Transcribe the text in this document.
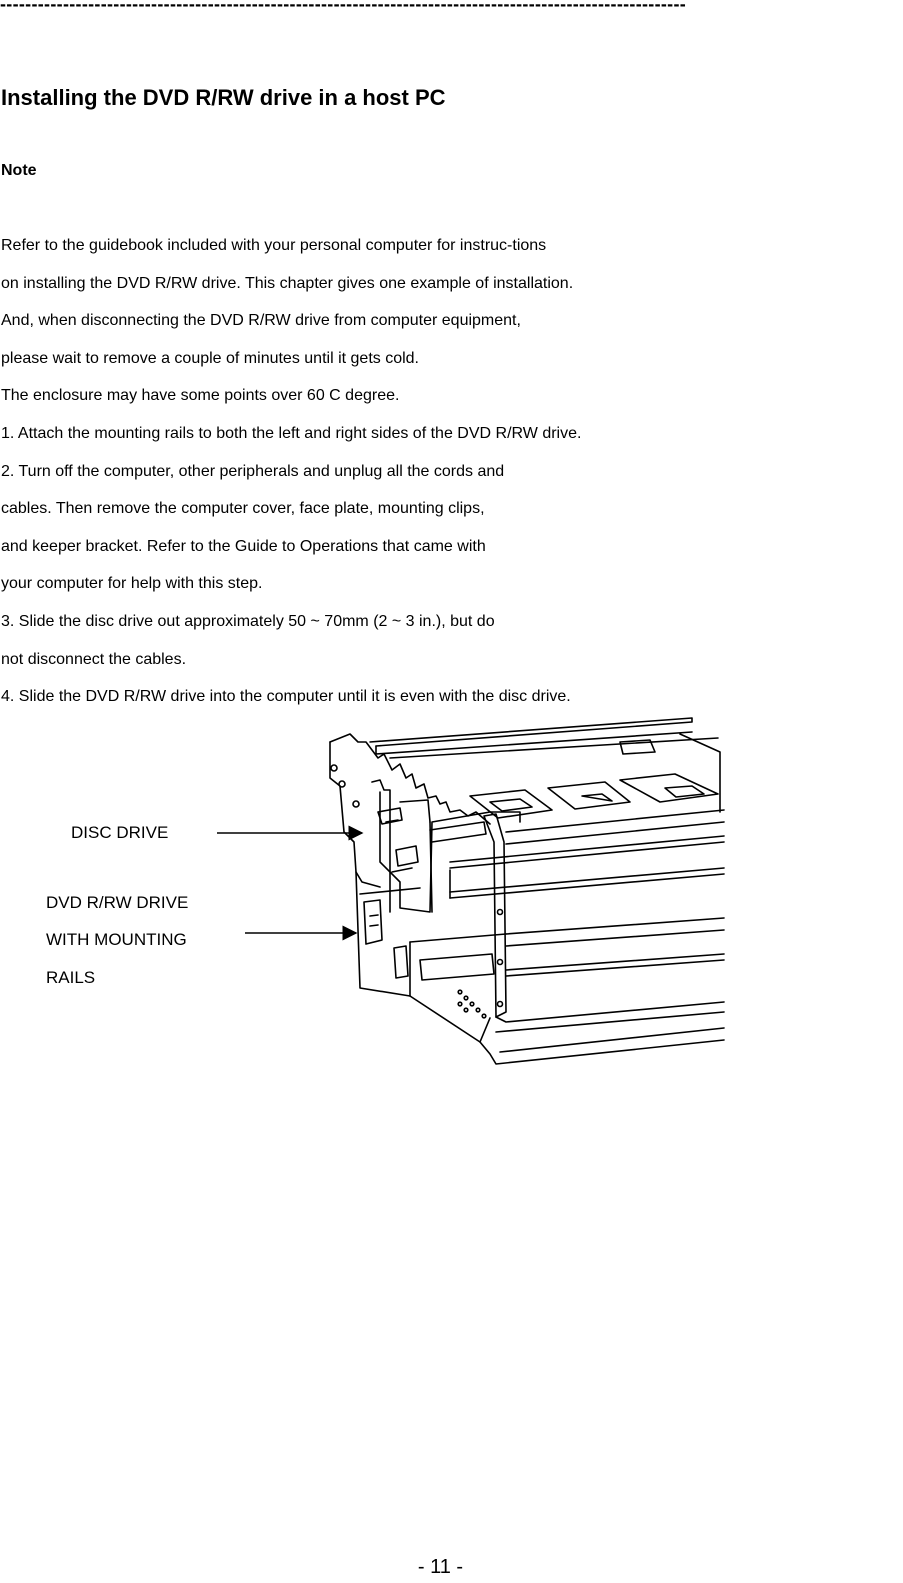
-------------------------------------------------------------------------------------------------------------
Installing the DVD R/RW drive in a host PC
Note
Refer to the guidebook included with your personal computer for instruc-tions
on installing the DVD R/RW drive. This chapter gives one example of installation.
And, when disconnecting the DVD R/RW drive from computer equipment,
please wait to remove a couple of minutes until it gets cold.
The enclosure may have some points over 60 C degree.
1. Attach the mounting rails to both the left and right sides of the DVD R/RW drive.
2. Turn off the computer, other peripherals and unplug all the cords and
cables. Then remove the computer cover, face plate, mounting clips,
and keeper bracket. Refer to the Guide to Operations that came with
your computer for help with this step.
3. Slide the disc drive out approximately 50 ~ 70mm (2 ~ 3 in.), but do
not disconnect the cables.
4. Slide the DVD R/RW drive into the computer until it is even with the disc drive.
DISC DRIVE
DVD R/RW DRIVE
WITH MOUNTING
RAILS
- 11 -
